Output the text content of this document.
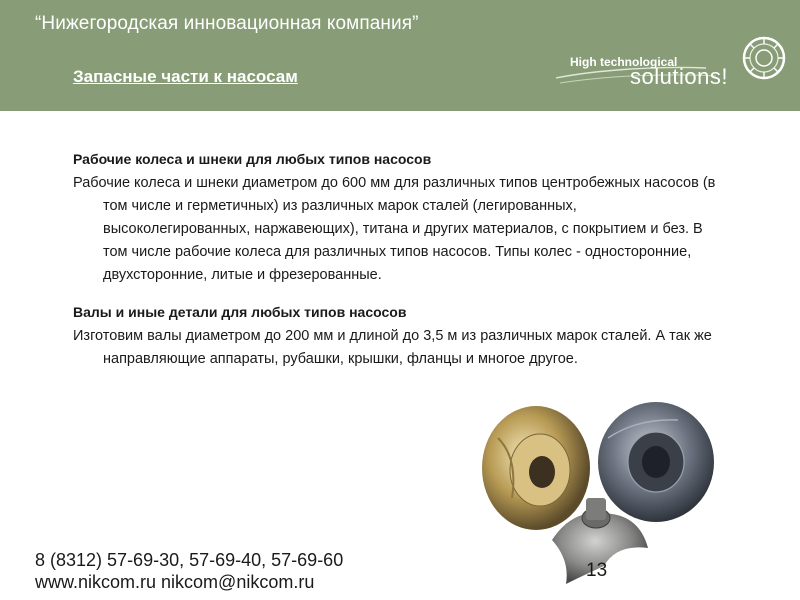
“Нижегородская инновационная компания”
Запасные части к насосам
High technological
solutions!
Рабочие колеса и шнеки для любых типов насосов
Рабочие колеса и шнеки диаметром до 600 мм для различных типов центробежных насосов (в том числе и герметичных) из различных марок сталей (легированных, высоколегированных, наржавеющих), титана и других материалов, с покрытием и без. В том числе рабочие колеса для различных типов насосов. Типы колес - односторонние, двухсторонние, литые и фрезерованные.
Валы и иные детали для любых типов насосов
Изготовим валы диаметром до 200 мм и длиной до 3,5 м из различных марок сталей. А так же направляющие аппараты, рубашки, крышки, фланцы и многое другое.
8 (8312) 57-69-30, 57-69-40, 57-69-60
www.nikcom.ru nikcom@nikcom.ru
13
